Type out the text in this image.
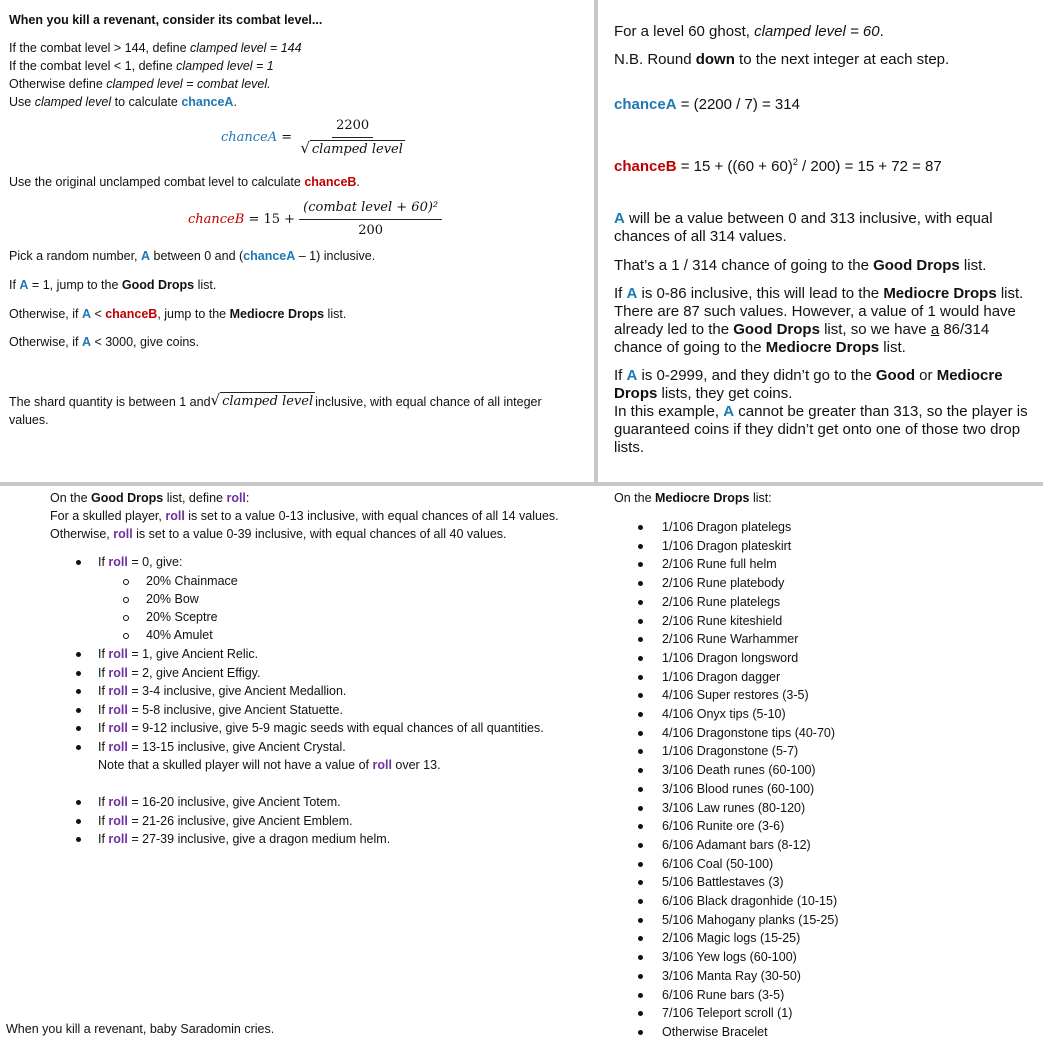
When you kill a revenant, consider its combat level...
If the combat level > 144, define clamped level = 144
If the combat level < 1, define clamped level = 1
Otherwise define clamped level = combat level.
Use clamped level to calculate chanceA.
chanceA = $\frac{2200}{\text{√ clamped level}}$
Use the original unclamped combat level to calculate chanceB.
chanceB = $15 + \frac{\text{(combat level + 60)²}}{200}$
Pick a random number, A between 0 and (chanceA – 1) inclusive.
If A = 1, jump to the Good Drops list.
Otherwise, if A < chanceB, jump to the Mediocre Drops list.
Otherwise, if A < 3000, give coins.
The shard quantity is between 1 and √ clamped level inclusive, with equal chance of all integer
values.
For a level 60 ghost, clamped level = 60.
N.B. Round down to the next integer at each step.
chanceA = (2200 / 7) = 314
chanceB = $15 + ((60 + 60)^2 / 200) = 15 + 72 = 87$

A will be a value between 0 and 313 inclusive, with equal chances of all 314 values.

That’s a 1 / 314 chance of going to the Good Drops list.

If A is 0-86 inclusive, this will lead to the Mediocre Drops list. There are 87 such values. However, a value of 1 would have already led to the Good Drops list, so we have a 86/314 chance of going to the Mediocre Drops list.

If A is 0-2999, and they didn’t go to the Good or Mediocre Drops lists, they get coins.

In this example, A cannot be greater than 313, so the player is guaranteed coins if they didn’t get onto one of those two drop lists.

On the Good Drops list, define roll:
For a skulled player, roll is set to a value 0-13 inclusive, with equal chances of all 14 values.
Otherwise, roll is set to a value 0-39 inclusive, with equal chances of all 40 values.
If roll = 0, give:
20% Chainmace
20% Bow
20% Sceptre
40% Amulet
If roll = 1, give Ancient Relic.
If roll = 2, give Ancient Effigy.
If roll = 3-4 inclusive, give Ancient Medallion.
If roll = 5-8 inclusive, give Ancient Statuette.
If roll = 9-12 inclusive, give 5-9 magic seeds with equal chances of all quantities.
If roll = 13-15 inclusive, give Ancient Crystal.
Note that a skulled player will not have a value of roll over 13.
If roll = 16-20 inclusive, give Ancient Totem.
If roll = 21-26 inclusive, give Ancient Emblem.
If roll = 27-39 inclusive, give a dragon medium helm.
When you kill a revenant, baby Saradomin cries.
On the Mediocre Drops list:
1/106 Dragon platelegs
1/106 Dragon plateskirt
2/106 Rune full helm
2/106 Rune platebody
2/106 Rune platelegs
2/106 Rune kiteshield
2/106 Rune Warhammer
1/106 Dragon longsword
1/106 Dragon dagger
4/106 Super restores (3-5)
4/106 Onyx tips (5-10)
4/106 Dragonstone tips (40-70)
1/106 Dragonstone (5-7)
3/106 Death runes (60-100)
3/106 Blood runes (60-100)
3/106 Law runes (80-120)
6/106 Runite ore (3-6)
6/106 Adamant bars (8-12)
6/106 Coal (50-100)
5/106 Battlestaves (3)
6/106 Black dragonhide (10-15)
5/106 Mahogany planks (15-25)
2/106 Magic logs (15-25)
3/106 Yew logs (60-100)
3/106 Manta Ray (30-50)
6/106 Rune bars (3-5)
7/106 Teleport scroll (1)
Otherwise Bracelet
